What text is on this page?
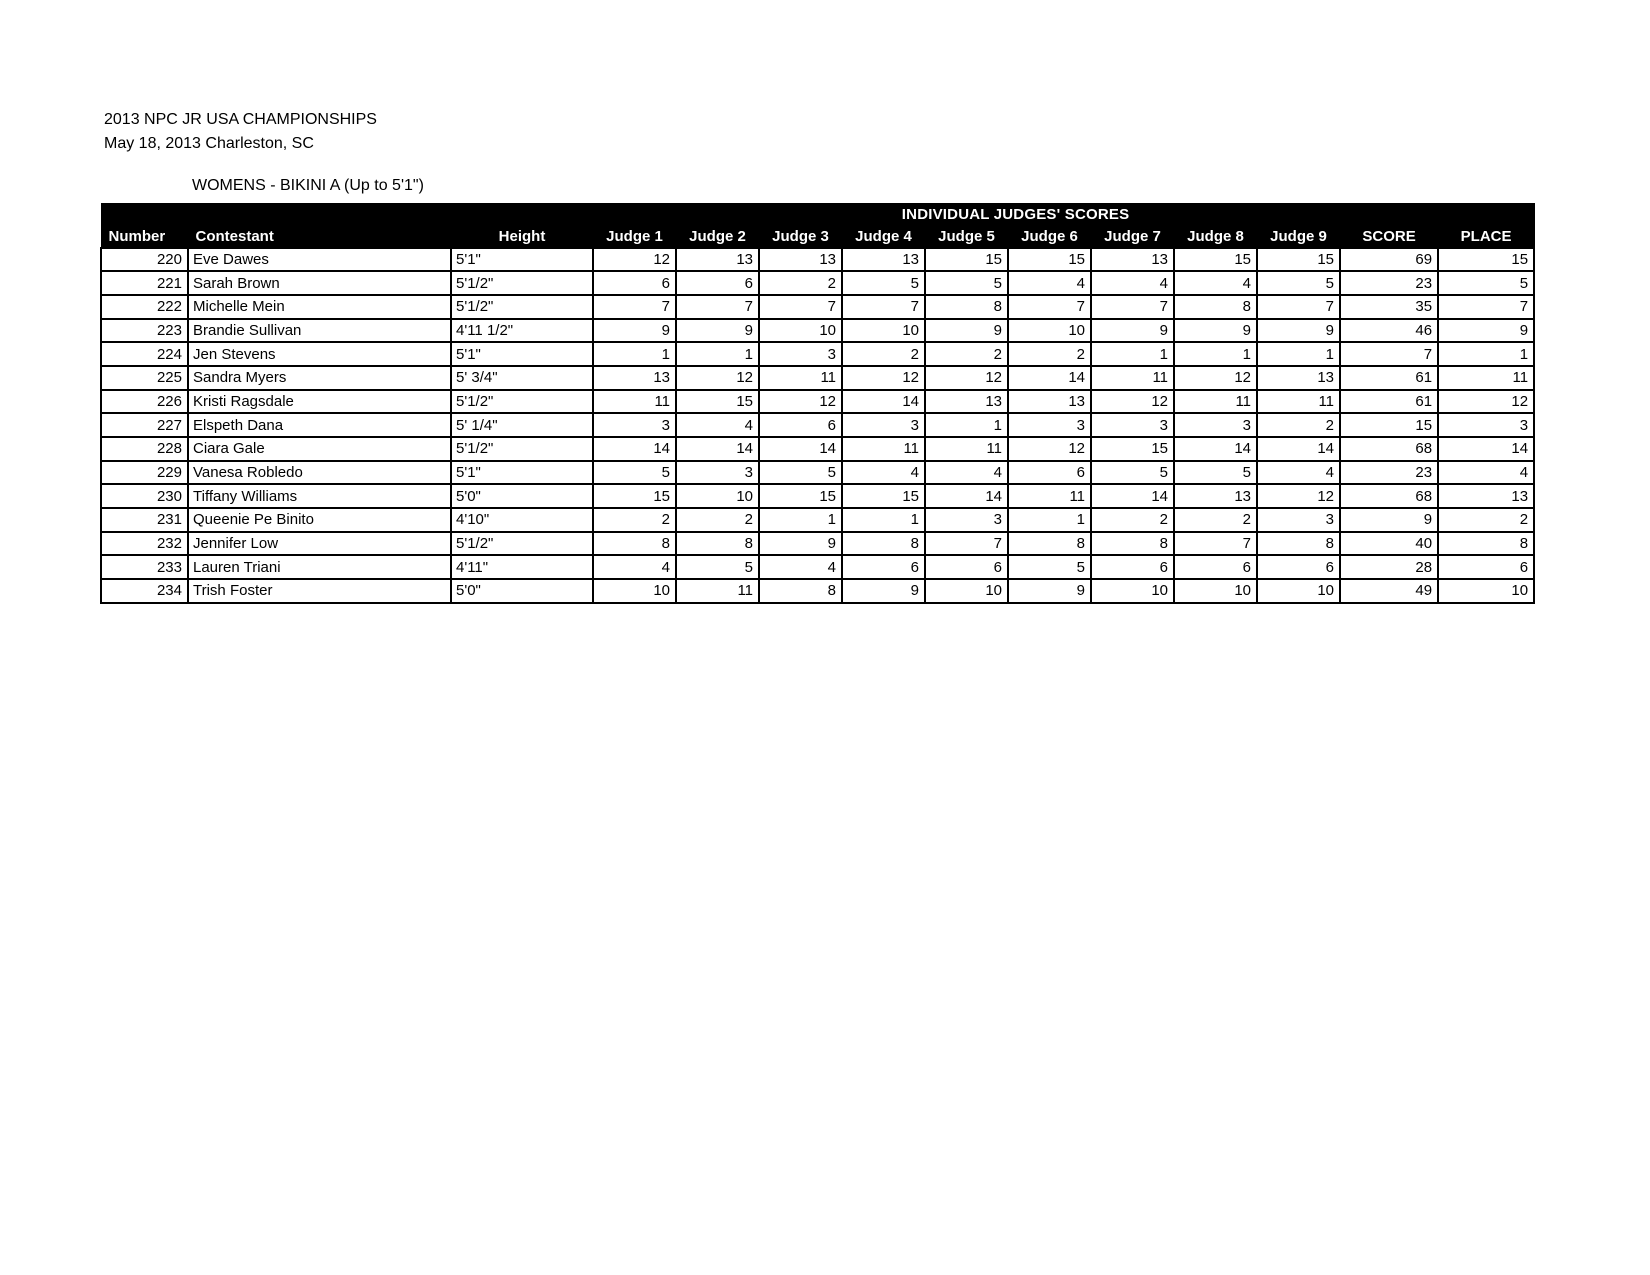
2013 NPC JR USA CHAMPIONSHIPS
May 18, 2013 Charleston, SC
WOMENS - BIKINI A (Up to 5'1")
			INDIVIDUAL JUDGES' SCORES										
Number	Contestant	Height	Judge 1	Judge 2	Judge 3	Judge 4	Judge 5	Judge 6	Judge 7	Judge 8	Judge 9	SCORE	PLACE
220	Eve Dawes	5'1"	12	13	13	13	15	15	13	15	15	69	15
221	Sarah Brown	5'1/2"	6	6	2	5	5	4	4	4	5	23	5
222	Michelle Mein	5'1/2"	7	7	7	7	8	7	7	8	7	35	7
223	Brandie Sullivan	4'11 1/2"	9	9	10	10	9	10	9	9	9	46	9
224	Jen Stevens	5'1"	1	1	3	2	2	2	1	1	1	7	1
225	Sandra Myers	5' 3/4"	13	12	11	12	12	14	11	12	13	61	11
226	Kristi Ragsdale	5'1/2"	11	15	12	14	13	13	12	11	11	61	12
227	Elspeth Dana	5' 1/4"	3	4	6	3	1	3	3	3	2	15	3
228	Ciara Gale	5'1/2"	14	14	14	11	11	12	15	14	14	68	14
229	Vanesa Robledo	5'1"	5	3	5	4	4	6	5	5	4	23	4
230	Tiffany Williams	5'0"	15	10	15	15	14	11	14	13	12	68	13
231	Queenie Pe Binito	4'10"	2	2	1	1	3	1	2	2	3	9	2
232	Jennifer Low	5'1/2"	8	8	9	8	7	8	8	7	8	40	8
233	Lauren Triani	4'11"	4	5	4	6	6	5	6	6	6	28	6
234	Trish Foster	5'0"	10	11	8	9	10	9	10	10	10	49	10
